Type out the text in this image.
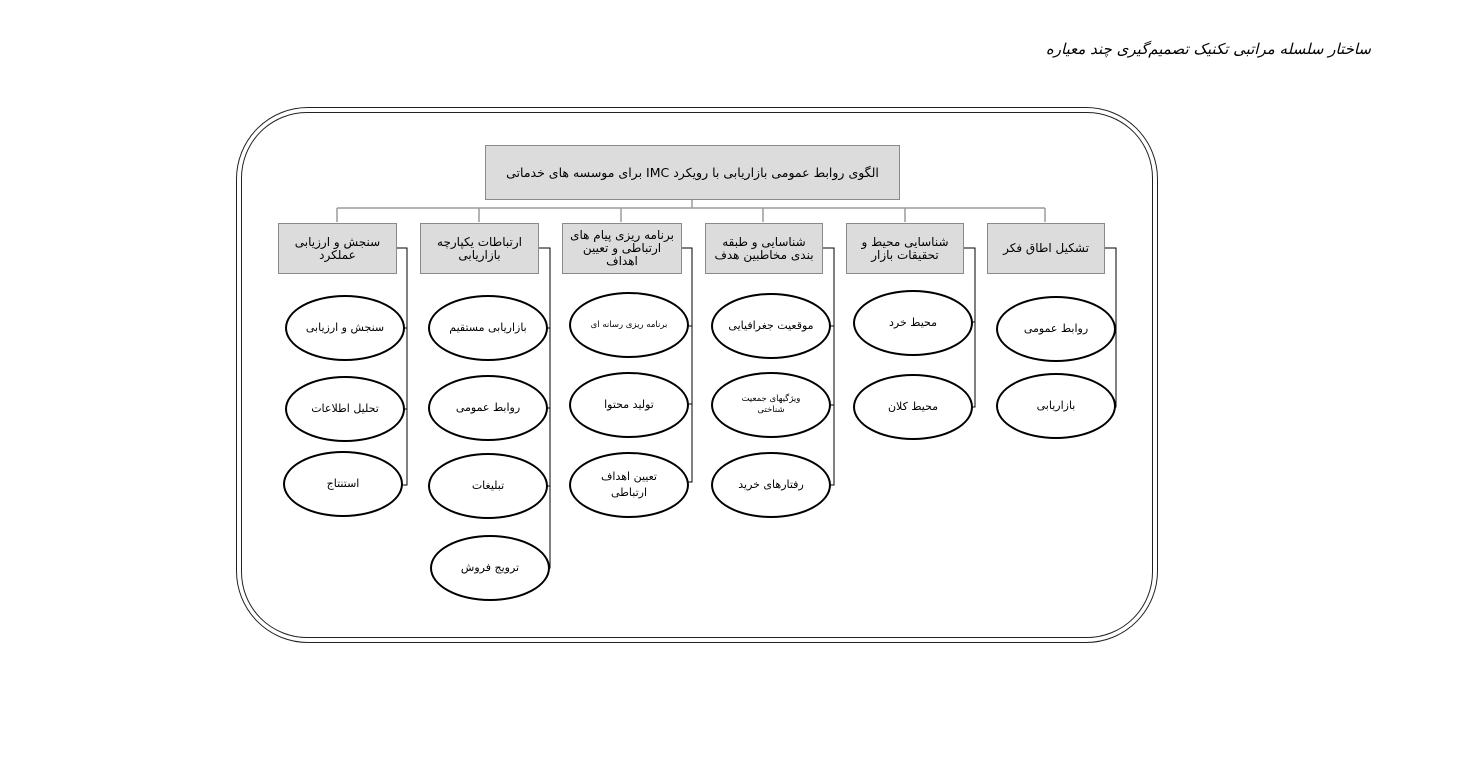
ساختار سلسله مراتبی تکنیک تصمیم‌گیری چند معیاره
الگوی روابط عمومی بازاریابی با رویکرد IMC برای موسسه های خدماتی
تشکیل اطاق فکر
شناسایی محیط و تحقیقات بازار
شناسایی و طبقه بندی مخاطبین هدف
برنامه ریزی پیام های ارتباطی و تعیین اهداف
ارتباطات یکپارچه بازاریابی
سنجش و ارزیابی عملکرد
روابط عمومی
بازاریابی
محیط خرد
محیط کلان
موقعیت جغرافیایی
ویژگیهای جمعیت شناختی
رفتارهای خرید
برنامه ریزی رسانه ای
تولید محتوا
تعیین اهداف ارتباطی
بازاریابی مستقیم
روابط عمومی
تبلیغات
ترویج فروش
سنجش و ارزیابی
تحلیل اطلاعات
استنتاج
